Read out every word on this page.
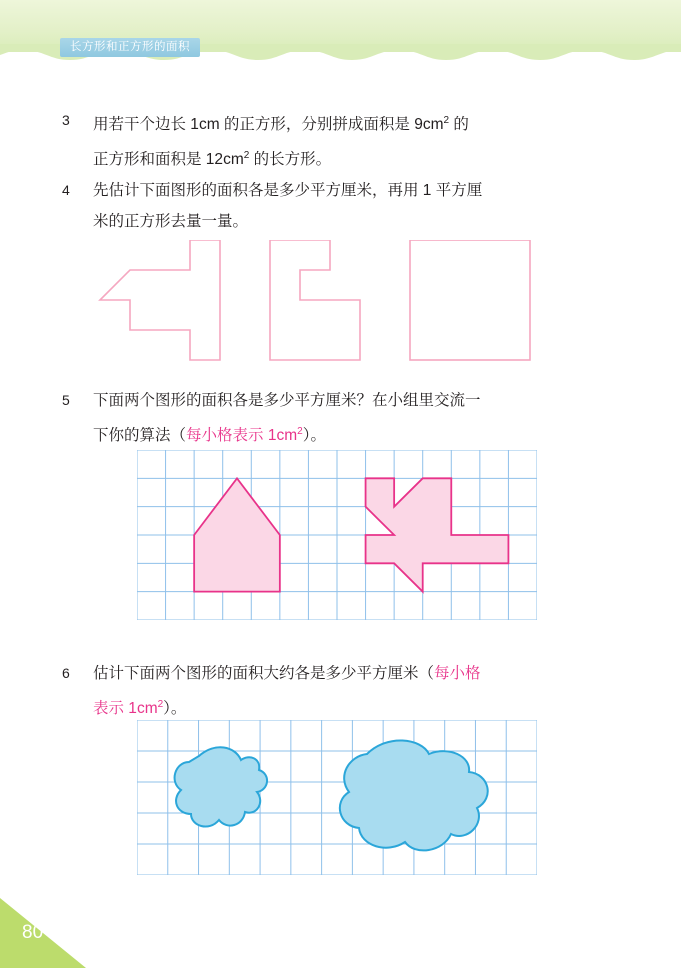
长方形和正方形的面积
3	用若干个边长 1cm 的正方形，分别拼成面积是 $9cm^2$ 的
正方形和面积是 $12cm^2$ 的长方形。
4	先估计下面图形的面积各是多少平方厘米，再用 1 平方厘
米的正方形去量一量。
5	下面两个图形的面积各是多少平方厘米？在小组里交流一
下你的算法（每小格表示 $1cm^2$）。
6	估计下面两个图形的面积大约各是多少平方厘米（每小格
表示 $1cm^2$）。
80
